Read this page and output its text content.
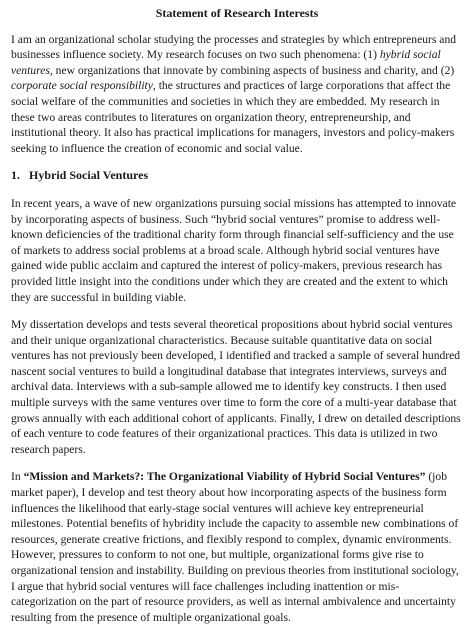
Statement of Research Interests

I am an organizational scholar studying the processes and strategies by which entrepreneurs and businesses influence society. My research focuses on two such phenomena: (1) hybrid social ventures, new organizations that innovate by combining aspects of business and charity, and (2) corporate social responsibility, the structures and practices of large corporations that affect the social welfare of the communities and societies in which they are embedded. My research in these two areas contributes to literatures on organization theory, entrepreneurship, and institutional theory. It also has practical implications for managers, investors and policy-makers seeking to influence the creation of economic and social value.

1. Hybrid Social Ventures

In recent years, a wave of new organizations pursuing social missions has attempted to innovate by incorporating aspects of business. Such “hybrid social ventures” promise to address well-known deficiencies of the traditional charity form through financial self-sufficiency and the use of markets to address social problems at a broad scale. Although hybrid social ventures have gained wide public acclaim and captured the interest of policy-makers, previous research has provided little insight into the conditions under which they are created and the extent to which they are successful in building viable.

My dissertation develops and tests several theoretical propositions about hybrid social ventures and their unique organizational characteristics. Because suitable quantitative data on social ventures has not previously been developed, I identified and tracked a sample of several hundred nascent social ventures to build a longitudinal database that integrates interviews, surveys and archival data. Interviews with a sub-sample allowed me to identify key constructs. I then used multiple surveys with the same ventures over time to form the core of a multi-year database that grows annually with each additional cohort of applicants. Finally, I drew on detailed descriptions of each venture to code features of their organizational practices. This data is utilized in two research papers.

In “Mission and Markets?: The Organizational Viability of Hybrid Social Ventures” (job market paper), I develop and test theory about how incorporating aspects of the business form influences the likelihood that early-stage social ventures will achieve key entrepreneurial milestones. Potential benefits of hybridity include the capacity to assemble new combinations of resources, generate creative frictions, and flexibly respond to complex, dynamic environments. However, pressures to conform to not one, but multiple, organizational forms give rise to organizational tension and instability. Building on previous theories from institutional sociology, I argue that hybrid social ventures will face challenges including inattention or mis-categorization on the part of resource providers, as well as internal ambivalence and uncertainty resulting from the presence of multiple organizational goals.
